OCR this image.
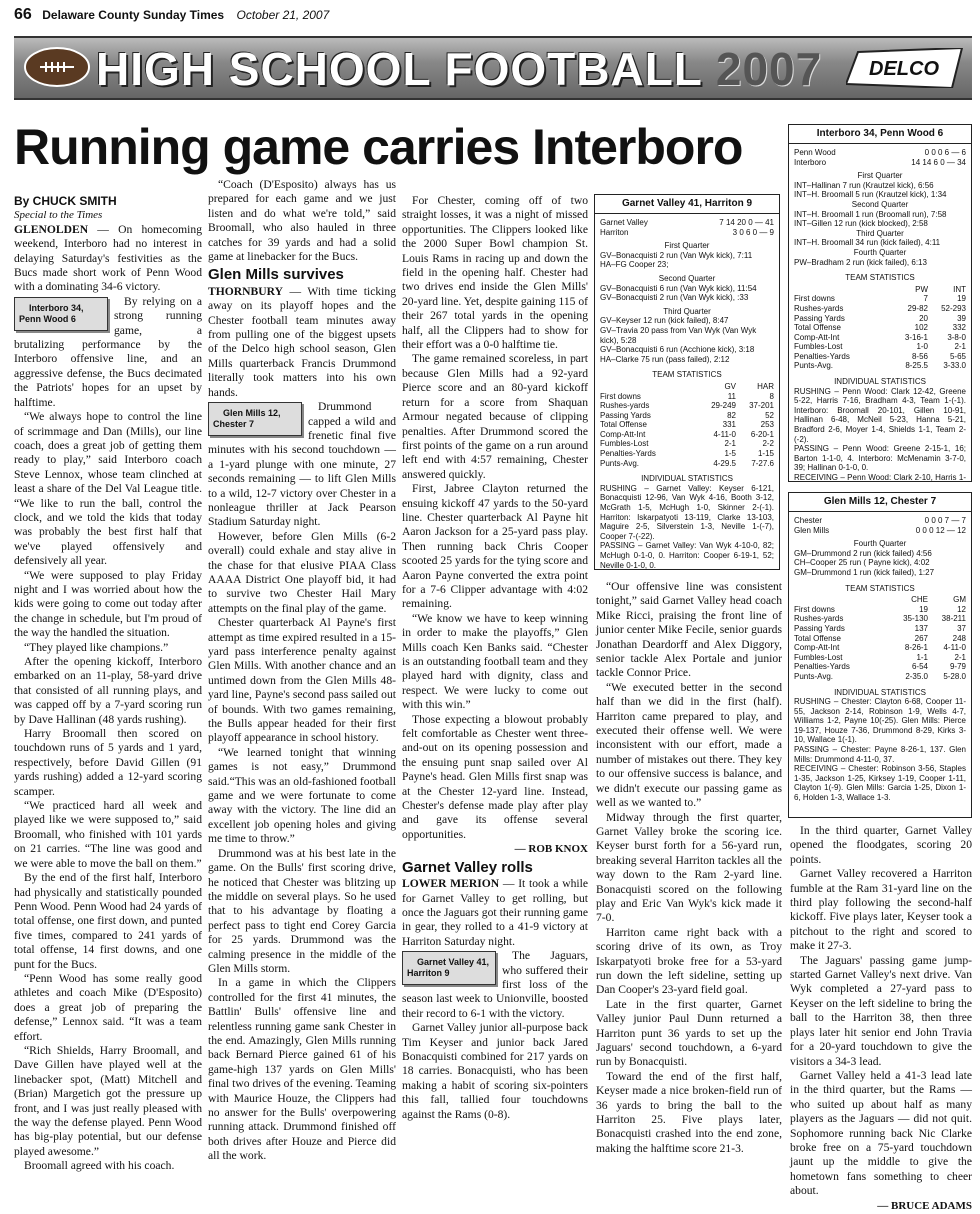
66 Delaware County Sunday Times October 21, 2007
HIGH SCHOOL FOOTBALL 2007 DELCO
Running game carries Interboro
By CHUCK SMITH
Special to the Times

GLENOLDEN — On homecoming weekend, Interboro had no interest in delaying Saturday's festivities as the Bucs made short work of Penn Wood with a dominating 34-6 victory.

Interboro 34,
Penn Wood 6
By relying on a strong running game, a brutalizing performance by the Interboro offensive line, and an aggressive defense, the Bucs decimated the Patriots' hopes for an upset by halftime.

“We always hope to control the line of scrimmage and Dan (Mills), our line coach, does a great job of getting them ready to play,” said Interboro coach Steve Lennox, whose team clinched at least a share of the Del Val League title. “We like to run the ball, control the clock, and we told the kids that today was probably the best first half that we've played offensively and defensively all year.

“We were supposed to play Friday night and I was worried about how the kids were going to come out today after the change in schedule, but I'm proud of the way the handled the situation.

“They played like champions.”

After the opening kickoff, Interboro embarked on an 11-play, 58-yard drive that consisted of all running plays, and was capped off by a 7-yard scoring run by Dave Hallinan (48 yards rushing).

Harry Broomall then scored on touchdown runs of 5 yards and 1 yard, respectively, before David Gillen (91 yards rushing) added a 12-yard scoring scamper.

“We practiced hard all week and played like we were supposed to,” said Broomall, who finished with 101 yards on 21 carries. “The line was good and we were able to move the ball on them.”

By the end of the first half, Interboro had physically and statistically pounded Penn Wood. Penn Wood had 24 yards of total offense, one first down, and punted five times, compared to 241 yards of total offense, 14 first downs, and one punt for the Bucs.

“Penn Wood has some really good athletes and coach Mike (D'Esposito) does a great job of preparing the defense,” Lennox said. “It was a team effort.

“Rich Shields, Harry Broomall, and Dave Gillen have played well at the linebacker spot, (Matt) Mitchell and (Brian) Margetich got the pressure up front, and I was just really pleased with the way the defense played. Penn Wood has big-play potential, but our defense played awesome.”

Broomall agreed with his coach.

“Coach (D'Esposito) always has us prepared for each game and we just listen and do what we're told,” said Broomall, who also hauled in three catches for 39 yards and had a solid game at linebacker for the Bucs.

Glen Mills survives

THORNBURY — With time ticking away on its playoff hopes and the Chester football team minutes away from pulling one of the biggest upsets of the Delco high school season, Glen Mills quarterback Francis Drummond literally took matters into his own hands.

Glen Mills 12,
Chester 7
Drummond capped a wild and frenetic final five minutes with his second touchdown — a 1-yard plunge with one minute, 27 seconds remaining — to lift Glen Mills to a wild, 12-7 victory over Chester in a nonleague thriller at Jack Pearson Stadium Saturday night.

However, before Glen Mills (6-2 overall) could exhale and stay alive in the chase for that elusive PIAA Class AAAA District One playoff bid, it had to survive two Chester Hail Mary attempts on the final play of the game.

Chester quarterback Al Payne's first attempt as time expired resulted in a 15-yard pass interference penalty against Glen Mills. With another chance and an untimed down from the Glen Mills 48-yard line, Payne's second pass sailed out of bounds. With two games remaining, the Bulls appear headed for their first playoff appearance in school history.

“We learned tonight that winning games is not easy,” Drummond said.“This was an old-fashioned football game and we were fortunate to come away with the victory. The line did an excellent job opening holes and giving me time to throw.”

Drummond was at his best late in the game. On the Bulls' first scoring drive, he noticed that Chester was blitzing up the middle on several plays. So he used that to his advantage by floating a perfect pass to tight end Corey Garcia for 25 yards. Drummond was the calming presence in the middle of the Glen Mills storm.

In a game in which the Clippers controlled for the first 41 minutes, the Battlin' Bulls' offensive line and relentless running game sank Chester in the end. Amazingly, Glen Mills running back Bernard Pierce gained 61 of his game-high 137 yards on Glen Mills' final two drives of the evening. Teaming with Maurice Houze, the Clippers had no answer for the Bulls' overpowering running attack. Drummond finished off both drives after Houze and Pierce did all the work.

For Chester, coming off of two straight losses, it was a night of missed opportunities. The Clippers looked like the 2000 Super Bowl champion St. Louis Rams in racing up and down the field in the opening half. Chester had two drives end inside the Glen Mills' 20-yard line. Yet, despite gaining 115 of their 267 total yards in the opening half, all the Clippers had to show for their effort was a 0-0 halftime tie.

The game remained scoreless, in part because Glen Mills had a 92-yard Pierce score and an 80-yard kickoff return for a score from Shaquan Armour negated because of clipping penalties. After Drummond scored the first points of the game on a run around left end with 4:57 remaining, Chester answered quickly.

First, Jabree Clayton returned the ensuing kickoff 47 yards to the 50-yard line. Chester quarterback Al Payne hit Aaron Jackson for a 25-yard pass play. Then running back Chris Cooper scooted 25 yards for the tying score and Aaron Payne converted the extra point for a 7-6 Clipper advantage with 4:02 remaining.

“We know we have to keep winning in order to make the playoffs,” Glen Mills coach Ken Banks said. “Chester is an outstanding football team and they played hard with dignity, class and respect. We were lucky to come out with this win.”

Those expecting a blowout probably felt comfortable as Chester went three-and-out on its opening possession and the ensuing punt snap sailed over Al Payne's head. Glen Mills first snap was at the Chester 12-yard line. Instead, Chester's defense made play after play and gave its offense several opportunities.

— ROB KNOX
Garnet Valley rolls

LOWER MERION — It took a while for Garnet Valley to get rolling, but once the Jaguars got their running game in gear, they rolled to a 41-9 victory at Harriton Saturday night.

Garnet Valley 41,
Harriton 9
The Jaguars, who suffered their first loss of the season last week to Unionville, boosted their record to 6-1 with the victory.

Garnet Valley junior all-purpose back Tim Keyser and junior back Jared Bonacquisti combined for 217 yards on 18 carries. Bonacquisti, who has been making a habit of scoring six-pointers this fall, tallied four touchdowns against the Rams (0-8).

Garnet Valley 41, Harriton 9
Garnet Valley	7 14 20 0 — 41
Harriton	3 0 6 0 — 9
First Quarter
GV–Bonacquisti 2 run (Van Wyk kick), 7:11
HA–FG Cooper 23;
Second Quarter
GV–Bonacquisti 6 run (Van Wyk kick), 11:54
GV–Bonacquisti 2 run (Van Wyk kick), :33
Third Quarter
GV–Keyser 12 run (kick failed), 8:47
GV–Travia 20 pass from Van Wyk (Van Wyk kick), 5:28
GV–Bonacquisti 6 run (Acchione kick), 3:18
HA–Clarke 75 run (pass failed), 2:12
TEAM STATISTICS
	GV	HAR
First downs	11	8
Rushes-yards	29-249	37-201
Passing Yards	82	52
Total Offense	331	253
Comp-Att-Int	4-11-0	6-20-1
Fumbles-Lost	2-1	2-2
Penalties-Yards	1-5	1-15
Punts-Avg.	4-29.5	7-27.6
INDIVIDUAL STATISTICS
RUSHING – Garnet Valley: Keyser 6-121, Bonacquisti 12-96, Van Wyk 4-16, Booth 3-12, McGrath 1-5, McHugh 1-0, Skinner 2-(-1). Harriton: Iskarpatyoti 13-119, Clarke 13-103, Maguire 2-5, Silverstein 1-3, Neville 1-(-7), Cooper 7-(-22).
PASSING – Garnet Valley: Van Wyk 4-10-0, 82; McHugh 0-1-0, 0. Harriton: Cooper 6-19-1, 52; Neville 0-1-0, 0.

“Our offensive line was consistent tonight,” said Garnet Valley head coach Mike Ricci, praising the front line of junior center Mike Fecile, senior guards Jonathan Deardorff and Alex Diggory, senior tackle Alex Portale and junior tackle Connor Price.

“We executed better in the second half than we did in the first (half). Harriton came prepared to play, and executed their offense well. We were inconsistent with our effort, made a number of mistakes out there. They key to our offensive success is balance, and we didn't execute our passing game as well as we wanted to.”

Midway through the first quarter, Garnet Valley broke the scoring ice. Keyser burst forth for a 56-yard run, breaking several Harriton tackles all the way down to the Ram 2-yard line. Bonacquisti scored on the following play and Eric Van Wyk's kick made it 7-0.

Harriton came right back with a scoring drive of its own, as Troy Iskarpatyoti broke free for a 53-yard run down the left sideline, setting up Dan Cooper's 23-yard field goal.

Late in the first quarter, Garnet Valley junior Paul Dunn returned a Harriton punt 36 yards to set up the Jaguars' second touchdown, a 6-yard run by Bonacquisti.

Toward the end of the first half, Keyser made a nice broken-field run of 36 yards to bring the ball to the Harriton 25. Five plays later, Bonacquisti crashed into the end zone, making the halftime score 21-3.

Interboro 34, Penn Wood 6
Penn Wood	0 0 0 6 — 6
Interboro	14 14 6 0 — 34
First Quarter
INT–Hallinan 7 run (Krautzel kick), 6:56
INT–H. Broomall 5 run (Krautzel kick), 1:34
Second Quarter
INT–H. Broomall 1 run (Broomall run), 7:58
INT–Gillen 12 run (kick blocked), 2:58
Third Quarter
INT–H. Broomall 34 run (kick failed), 4:11
Fourth Quarter
PW–Bradham 2 run (kick failed), 6:13
TEAM STATISTICS
	PW	INT
First downs	7	19
Rushes-yards	29-82	52-293
Passing Yards	20	39
Total Offense	102	332
Comp-Att-Int	3-16-1	3-8-0
Fumbles-Lost	1-0	2-1
Penalties-Yards	8-56	5-65
Punts-Avg.	8-25.5	3-33.0
INDIVIDUAL STATISTICS
RUSHING – Penn Wood: Clark 12-42, Greene 5-22, Harris 7-16, Bradham 4-3, Team 1-(-1). Interboro: Broomall 20-101, Gillen 10-91, Hallinan 6-48, McNeil 5-23, Hanna 5-21, Bradford 2-6, Moyer 1-4, Shields 1-1, Team 2-(-2).
PASSING – Penn Wood: Greene 2-15-1, 16; Barton 1-1-0, 4. Interboro: McMenamin 3-7-0, 39; Hallinan 0-1-0, 0.
RECEIVING – Penn Wood: Clark 2-10, Harris 1-
Glen Mills 12, Chester 7
Chester	0 0 0 7 — 7
Glen Mills	0 0 0 12 — 12
Fourth Quarter
GM–Drummond 2 run (kick failed) 4:56
CH–Cooper 25 run ( Payne kick), 4:02
GM–Drummond 1 run (kick failed), 1:27
TEAM STATISTICS
	CHE	GM
First downs	19	12
Rushes-yards	35-130	38-211
Passing Yards	137	37
Total Offense	267	248
Comp-Att-Int	8-26-1	4-11-0
Fumbles-Lost	1-1	2-1
Penalties-Yards	6-54	9-79
Punts-Avg.	2-35.0	5-28.0
INDIVIDUAL STATISTICS
RUSHING – Chester: Clayton 6-68, Cooper 11-55, Jackson 2-14, Robinson 1-9, Wells 4-7, Williams 1-2, Payne 10(-25). Glen Mills: Pierce 19-137, Houze 7-36, Drummond 8-29, Kirks 3-10, Wallace 1(-1).
PASSING – Chester: Payne 8-26-1, 137. Glen Mills: Drummond 4-11-0, 37.
RECEIVING – Chester: Robinson 3-56, Staples 1-35, Jackson 1-25, Kirksey 1-19, Cooper 1-11, Clayton 1(-9). Glen Mills: Garcia 1-25, Dixon 1-6, Holden 1-3, Wallace 1-3.

In the third quarter, Garnet Valley opened the floodgates, scoring 20 points.

Garnet Valley recovered a Harriton fumble at the Ram 31-yard line on the third play following the second-half kickoff. Five plays later, Keyser took a pitchout to the right and scored to make it 27-3.

The Jaguars' passing game jump-started Garnet Valley's next drive. Van Wyk completed a 27-yard pass to Keyser on the left sideline to bring the ball to the Harriton 38, then three plays later hit senior end John Travia for a 20-yard touchdown to give the visitors a 34-3 lead.

Garnet Valley held a 41-3 lead late in the third quarter, but the Rams — who suited up about half as many players as the Jaguars — did not quit. Sophomore running back Nic Clarke broke free on a 75-yard touchdown jaunt up the middle to give the hometown fans something to cheer about.

— BRUCE ADAMS
